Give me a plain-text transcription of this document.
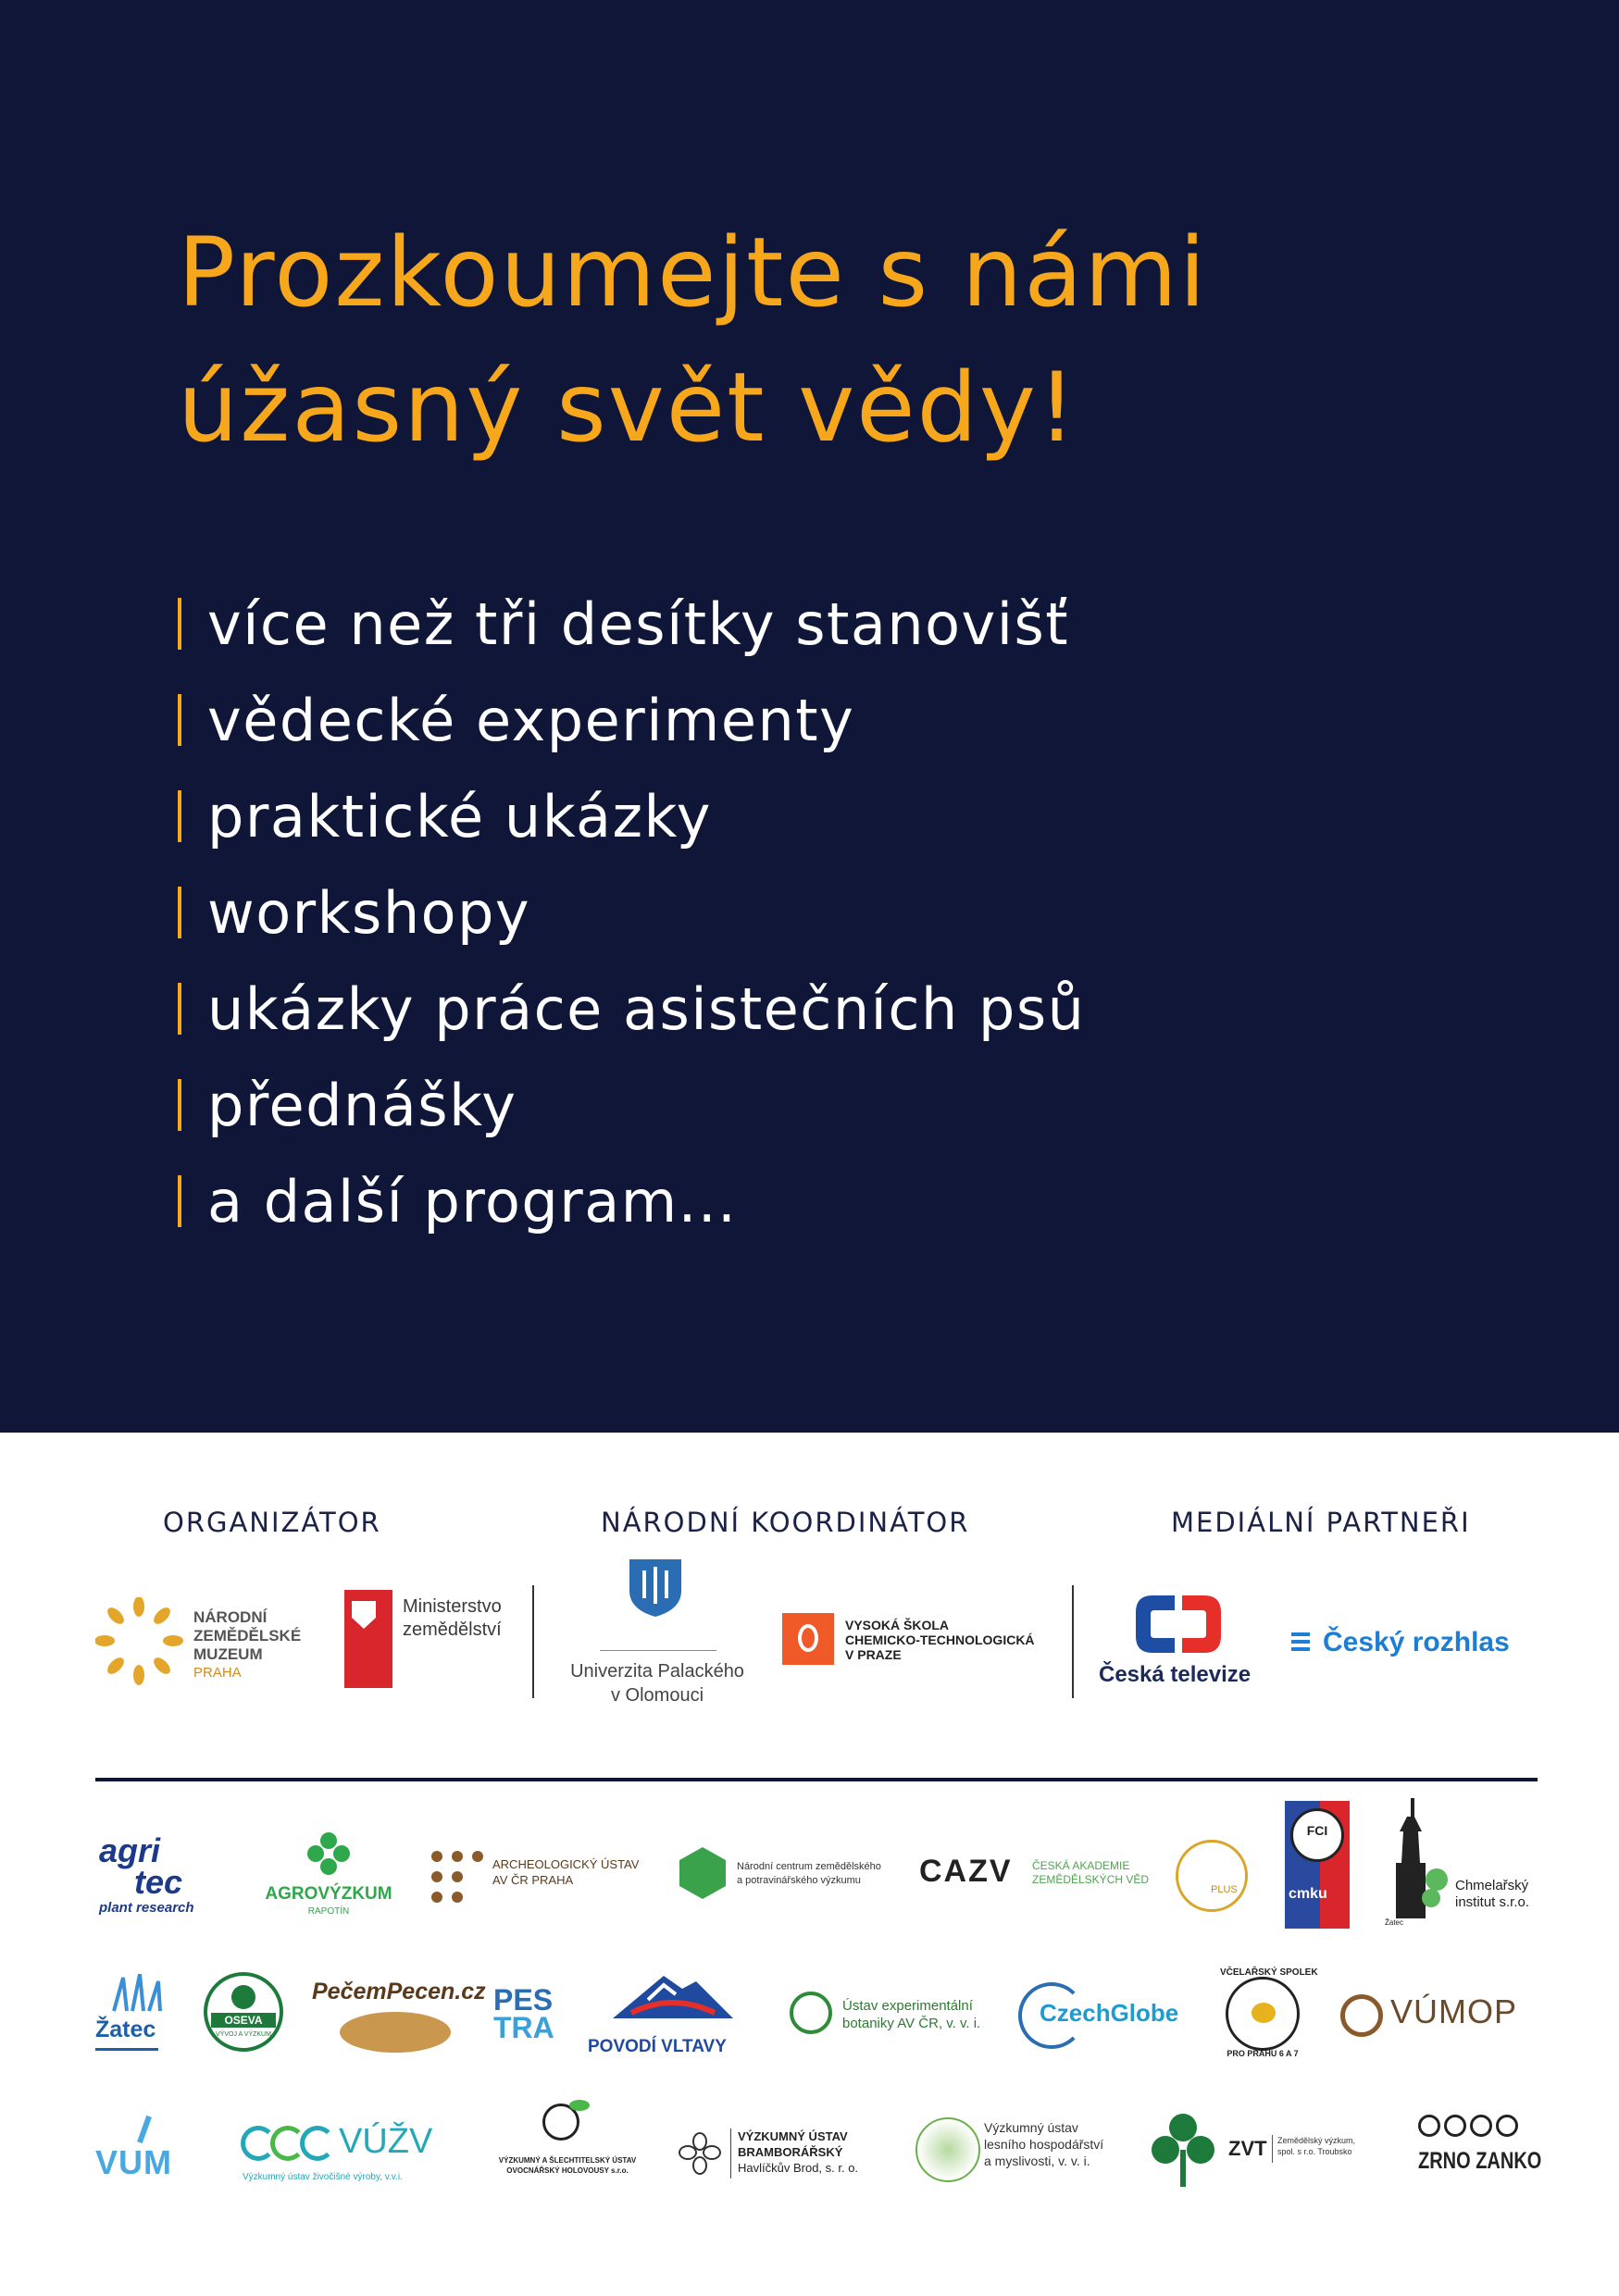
Prozkoumejte s námi
úžasný svět vědy!
více než tři desítky stanovišť
vědecké experimenty
praktické ukázky
workshopy
ukázky práce asistečních psů
přednášky
a další program...
ORGANIZÁTOR	NÁRODNÍ KOORDINÁTOR	MEDIÁLNÍ PARTNEŘI
NÁRODNÍ
ZEMĚDĚLSKÉ
MUZEUM
PRAHA
Ministerstvo
zemědělství
Univerzita Palackého
v Olomouci
VYSOKÁ ŠKOLA
CHEMICKO-TECHNOLOGICKÁ
V PRAZE
Česká televize
Český rozhlas
agri
tec
plant research
AGROVÝZKUM
RAPOTÍN
ARCHEOLOGICKÝ ÚSTAV
AV ČR PRAHA
Národní centrum zemědělského
a potravinářského výzkumu	CAZV ČESKÁ AKADEMIE
ZEMĚDĚLSKÝCH VĚD
PLUS
FCI
cmku
Žatec
Chmelařský
institut s.r.o.
Žatec	OSEVA
VÝVOJ A VÝZKUM
PečemPecen.cz PES
TRA
POVODÍ VLTAVY
Ústav experimentální
botaniky AV ČR, v. v. i. CzechGlobe
VČELAŘSKÝ SPOLEK
PRO PRAHU 6 A 7
VÚMOP
VUM
VÚŽV
Výzkumný ústav živočišné výroby, v.v.i.
VÝZKUMNÝ A ŠLECHTITELSKÝ ÚSTAV
OVOCNÁŘSKÝ HOLOVOUSY s.r.o.
VÝZKUMNÝ ÚSTAV
BRAMBORÁŘSKÝ
Havlíčkův Brod, s. r. o.
Výzkumný ústav
lesního hospodářství
a myslivosti, v. v. i.
ZVT Zemědělský výzkum,
spol. s r.o. Troubsko	ZRNO ZANKO
